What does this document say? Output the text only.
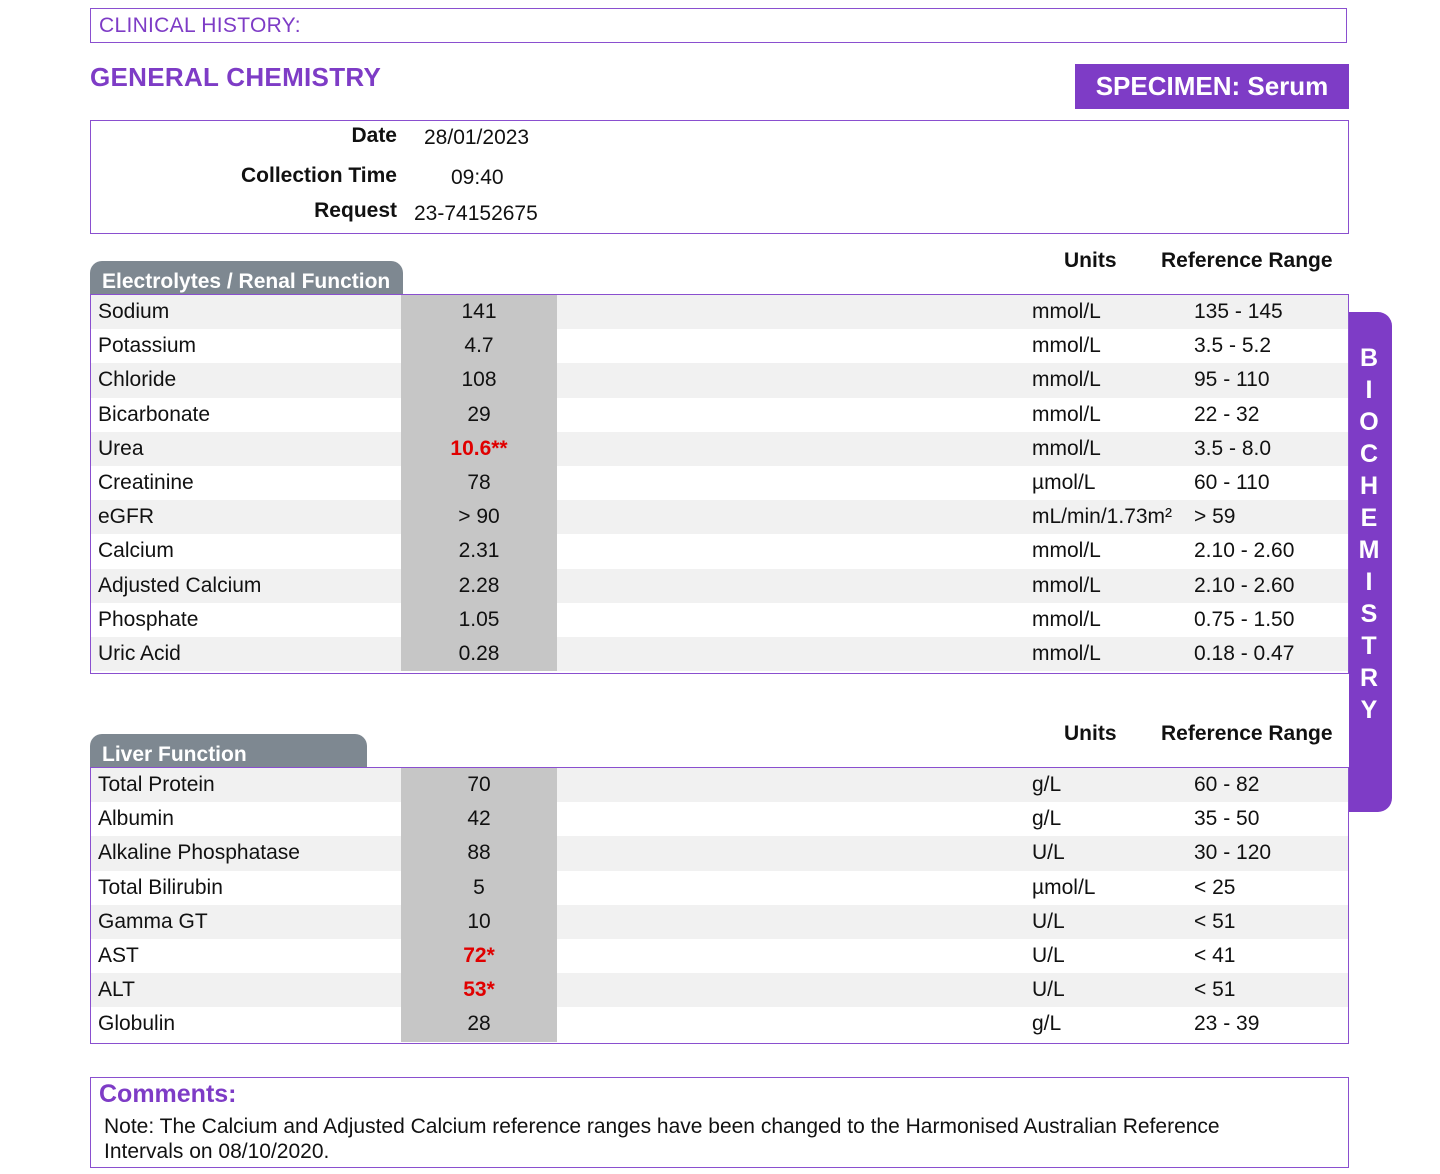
CLINICAL HISTORY:
GENERAL CHEMISTRY	SPECIMEN: Serum
Date 28/01/2023
Collection Time	09:40
Request 23-74152675
Electrolytes / Renal Function
Units Reference Range
Sodium	141	mmol/L	135 - 145
Potassium	4.7	mmol/L	3.5 - 5.2
Chloride	108	mmol/L	95 - 110
Bicarbonate	29	mmol/L	22 - 32
Urea	10.6**	mmol/L	3.5 - 8.0
Creatinine	78	µmol/L	60 - 110
eGFR	> 90	mL/min/1.73m² > 59
Calcium	2.31	mmol/L	2.10 - 2.60
Adjusted Calcium	2.28	mmol/L	2.10 - 2.60
Phosphate	1.05	mmol/L	0.75 - 1.50
Uric Acid	0.28	mmol/L	0.18 - 0.47
Liver Function
Units Reference Range
Total Protein	70	g/L	60 - 82
Albumin	42	g/L	35 - 50
Alkaline Phosphatase	88	U/L	30 - 120
Total Bilirubin	5	µmol/L	< 25
Gamma GT	10	U/L	< 51
AST	72*	U/L	< 41
ALT	53*	U/L	< 51
Globulin	28	g/L	23 - 39
B
I
O
C
H
E
M
I
S
T
R
Y
Comments:
Note: The Calcium and Adjusted Calcium reference ranges have been changed to the Harmonised Australian Reference Intervals on 08/10/2020.
